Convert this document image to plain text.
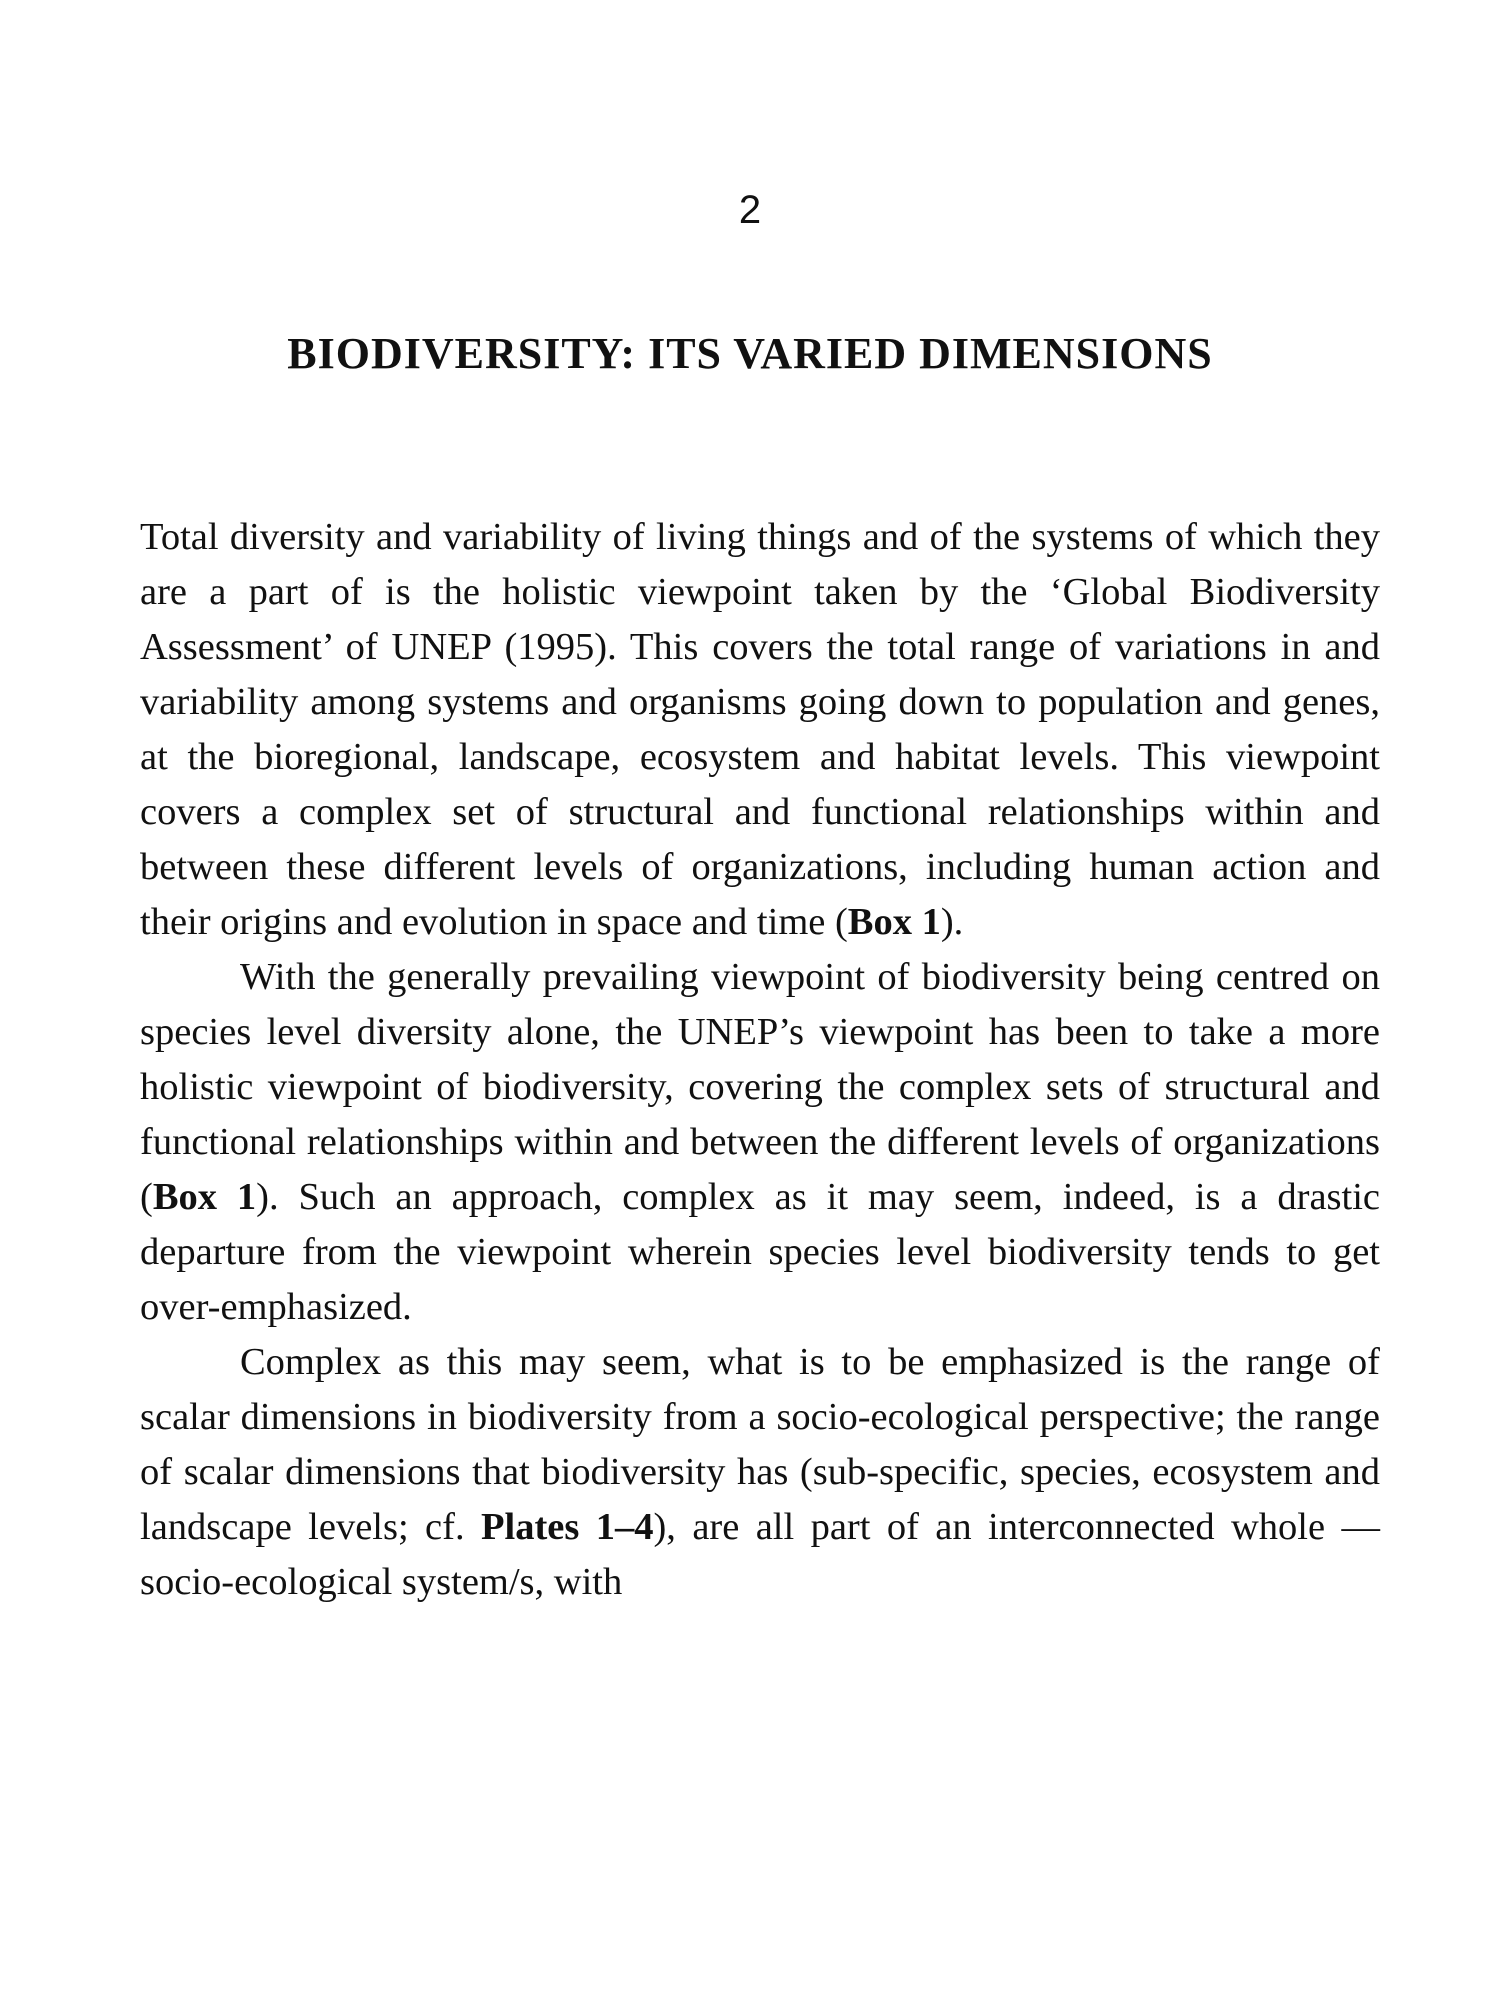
2
BIODIVERSITY: ITS VARIED DIMENSIONS

Total diversity and variability of living things and of the systems of which they are a part of is the holistic viewpoint taken by the ‘Global Biodiversity Assessment’ of UNEP (1995). This covers the total range of variations in and variability among systems and organisms going down to population and genes, at the bioregional, landscape, ecosystem and habitat levels. This viewpoint covers a complex set of structural and functional relationships within and between these different levels of organizations, including human action and their origins and evolution in space and time (Box 1).

With the generally prevailing viewpoint of biodiversity being centred on species level diversity alone, the UNEP’s viewpoint has been to take a more holistic viewpoint of biodiversity, covering the complex sets of structural and functional relationships within and between the different levels of organizations (Box 1). Such an approach, complex as it may seem, indeed, is a drastic departure from the viewpoint wherein species level biodiversity tends to get over-emphasized.

Complex as this may seem, what is to be emphasized is the range of scalar dimensions in biodiversity from a socio-ecological perspective; the range of scalar dimensions that biodiversity has (sub-specific, species, ecosystem and landscape levels; cf. Plates 1–4), are all part of an interconnected whole — socio-ecological system/s, with
